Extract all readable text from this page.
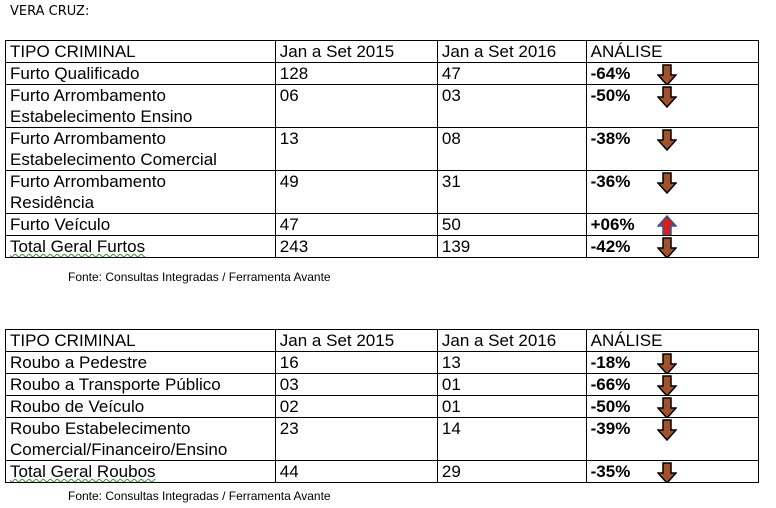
VERA CRUZ:
TIPO CRIMINAL	Jan a Set 2015	Jan a Set 2016	ANÁLISE

Furto Qualificado	128	47	-64%

Furto Arrombamento
Estabelecimento Ensino	06	03	-50%

Furto Arrombamento
Estabelecimento Comercial	13	08	-38%

Furto Arrombamento
Residência	49	31	-36%

Furto Veículo	47	50	+06%

Total Geral Furtos	243	139	-42%
Fonte: Consultas Integradas / Ferramenta Avante
TIPO CRIMINAL	Jan a Set 2015	Jan a Set 2016	ANÁLISE

Roubo a Pedestre	16	13	-18%

Roubo a Transporte Público	03	01	-66%

Roubo de Veículo	02	01	-50%

Roubo Estabelecimento
Comercial/Financeiro/Ensino	23	14	-39%

Total Geral Roubos	44	29	-35%
Fonte: Consultas Integradas / Ferramenta Avante
